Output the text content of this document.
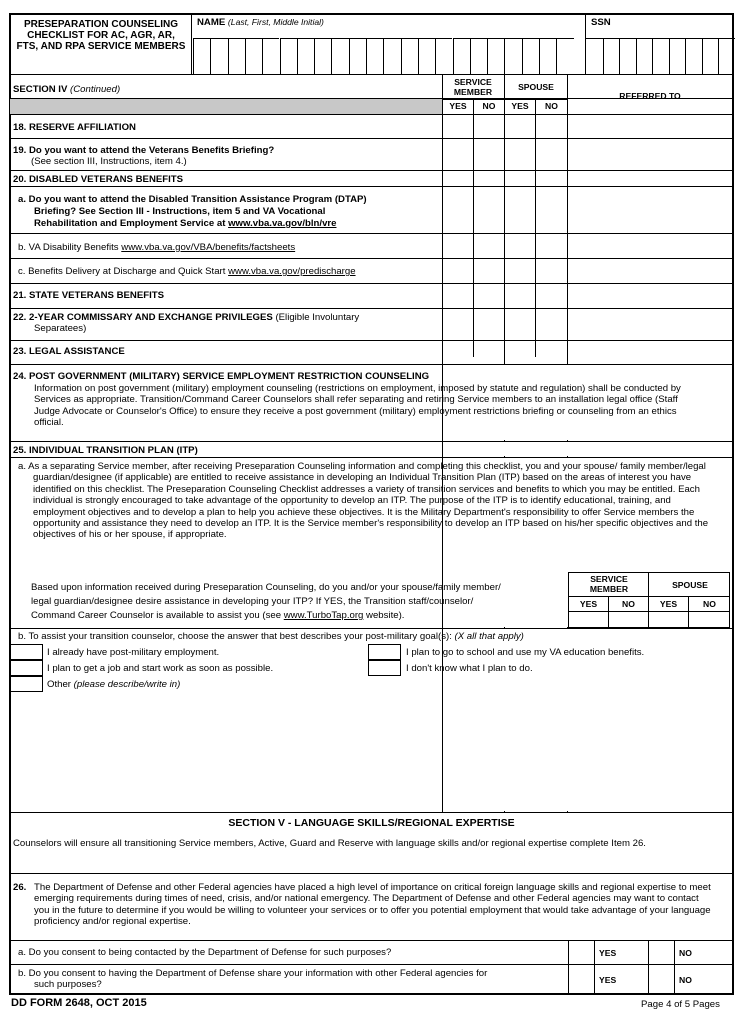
PRESEPARATION COUNSELING CHECKLIST FOR AC, AGR, AR, FTS, AND RPA SERVICE MEMBERS
NAME (Last, First, Middle Initial)	SSN
SECTION IV (Continued)
SERVICE MEMBER	SPOUSE
REFERRED TO
YES	NO	YES	NO
18. RESERVE AFFILIATION
19. Do you want to attend the Veterans Benefits Briefing?
(See section III, Instructions, item 4.)
20. DISABLED VETERANS BENEFITS
a. Do you want to attend the Disabled Transition Assistance Program (DTAP)
Briefing? See Section III - Instructions, item 5 and VA Vocational
Rehabilitation and Employment Service at www.vba.va.gov/bln/vre
b. VA Disability Benefits www.vba.va.gov/VBA/benefits/factsheets
c. Benefits Delivery at Discharge and Quick Start www.vba.va.gov/predischarge
21. STATE VETERANS BENEFITS
22. 2-YEAR COMMISSARY AND EXCHANGE PRIVILEGES (Eligible Involuntary
Separatees)
23. LEGAL ASSISTANCE
24. POST GOVERNMENT (MILITARY) SERVICE EMPLOYMENT RESTRICTION COUNSELING
Information on post government (military) employment counseling (restrictions on employment, imposed by statute and regulation) shall be conducted by Services as appropriate. Transition/Command Career Counselors shall refer separating and retiring Service members to an installation legal office (Staff Judge Advocate or Counselor's Office) to ensure they receive a post government (military) employment restrictions briefing or counseling from an ethics official.
25. INDIVIDUAL TRANSITION PLAN (ITP)
a. As a separating Service member, after receiving Preseparation Counseling information and completing this checklist, you and your spouse/ family member/legal guardian/designee (if applicable) are entitled to receive assistance in developing an Individual Transition Plan (ITP) based on the areas of interest you have identified on this checklist. The Preseparation Counseling Checklist addresses a variety of transition services and benefits to which you may be entitled. Each individual is strongly encouraged to take advantage of the opportunity to develop an ITP. The purpose of the ITP is to identify educational, training, and employment objectives and to develop a plan to help you achieve these objectives. It is the Military Department's responsibility to offer Service members the opportunity and assistance they need to develop an ITP. It is the Service member's responsibility to develop an ITP based on his/her specific objectives and the objectives of his or her spouse, if appropriate.
Based upon information received during Preseparation Counseling, do you and/or your spouse/family member/
legal guardian/designee desire assistance in developing your ITP? If YES, the Transition staff/counselor/
Command Career Counselor is available to assist you (see www.TurboTap.org website).
SERVICE MEMBER	SPOUSE
YES	NO	YES	NO
b. To assist your transition counselor, choose the answer that best describes your post-military goal(s): (X all that apply)
I already have post-military employment.	I plan to go to school and use my VA education benefits.
I plan to get a job and start work as soon as possible.	I don't know what I plan to do.
Other (please describe/write in)
SECTION V - LANGUAGE SKILLS/REGIONAL EXPERTISE
Counselors will ensure all transitioning Service members, Active, Guard and Reserve with language skills and/or regional expertise complete Item 26.
26. The Department of Defense and other Federal agencies have placed a high level of importance on critical foreign language skills and regional expertise to meet emerging requirements during times of need, crisis, and/or national emergency. The Department of Defense and other Federal agencies may want to contact you in the future to determine if you would be willing to volunteer your services or to offer you potential employment that would take advantage of your language proficiency and/or regional expertise.
a. Do you consent to being contacted by the Department of Defense for such purposes?
b. Do you consent to having the Department of Defense share your information with other Federal agencies for
such purposes?
YES	NO
YES	NO
DD FORM 2648, OCT 2015	Page 4 of 5 Pages
